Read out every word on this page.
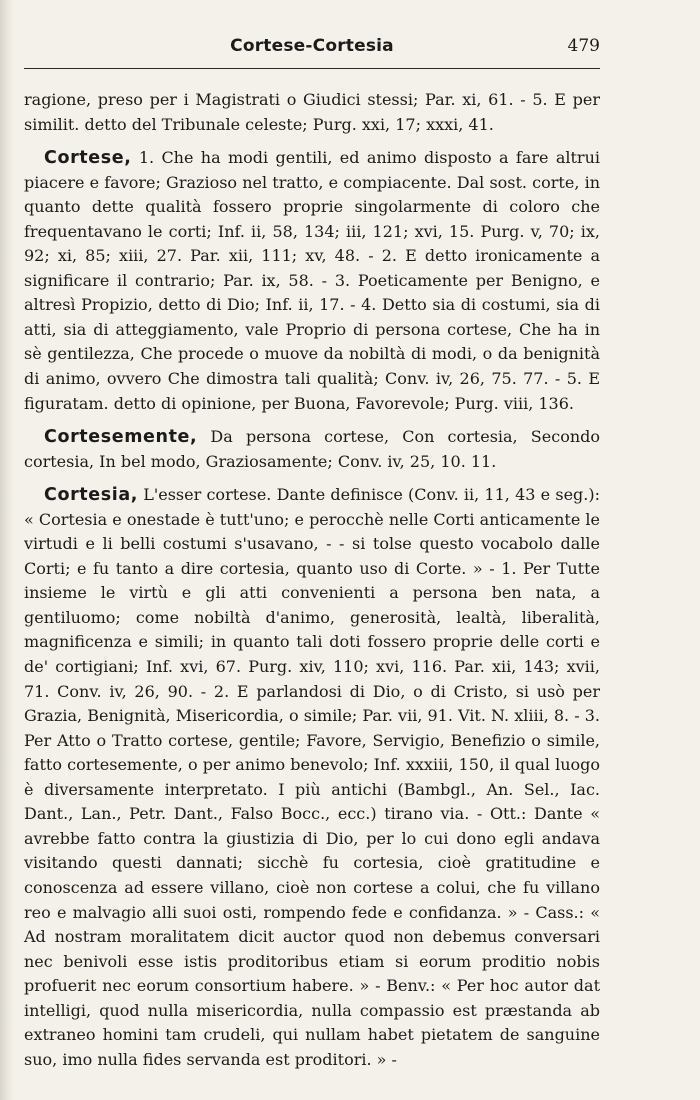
Cortese-Cortesia	479

ragione, preso per i Magistrati o Giudici stessi; Par. xi, 61. - 5. E per similit. detto del Tribunale celeste; Purg. xxi, 17; xxxi, 41.

Cortese, 1. Che ha modi gentili, ed animo disposto a fare altrui piacere e favore; Grazioso nel tratto, e compiacente. Dal sost. corte, in quanto dette qualità fossero proprie singolarmente di coloro che frequentavano le corti; Inf. ii, 58, 134; iii, 121; xvi, 15. Purg. v, 70; ix, 92; xi, 85; xiii, 27. Par. xii, 111; xv, 48. - 2. E detto ironicamente a significare il contrario; Par. ix, 58. - 3. Poeticamente per Benigno, e altresì Propizio, detto di Dio; Inf. ii, 17. - 4. Detto sia di costumi, sia di atti, sia di atteggiamento, vale Proprio di persona cortese, Che ha in sè gentilezza, Che procede o muove da nobiltà di modi, o da benignità di animo, ovvero Che dimostra tali qualità; Conv. iv, 26, 75. 77. - 5. E figuratam. detto di opinione, per Buona, Favorevole; Purg. viii, 136.

Cortesemente, Da persona cortese, Con cortesia, Secondo cortesia, In bel modo, Graziosamente; Conv. iv, 25, 10. 11.

Cortesia, L'esser cortese. Dante definisce (Conv. ii, 11, 43 e seg.): « Cortesia e onestade è tutt'uno; e perocchè nelle Corti anticamente le virtudi e li belli costumi s'usavano, - - si tolse questo vocabolo dalle Corti; e fu tanto a dire cortesia, quanto uso di Corte. » - 1. Per Tutte insieme le virtù e gli atti convenienti a persona ben nata, a gentiluomo; come nobiltà d'animo, generosità, lealtà, liberalità, magnificenza e simili; in quanto tali doti fossero proprie delle corti e de' cortigiani; Inf. xvi, 67. Purg. xiv, 110; xvi, 116. Par. xii, 143; xvii, 71. Conv. iv, 26, 90. - 2. E parlandosi di Dio, o di Cristo, si usò per Grazia, Benignità, Misericordia, o simile; Par. vii, 91. Vit. N. xliii, 8. - 3. Per Atto o Tratto cortese, gentile; Favore, Servigio, Benefizio o simile, fatto cortesemente, o per animo benevolo; Inf. xxxiii, 150, il qual luogo è diversamente interpretato. I più antichi (Bambgl., An. Sel., Iac. Dant., Lan., Petr. Dant., Falso Bocc., ecc.) tirano via. - Ott.: Dante « avrebbe fatto contra la giustizia di Dio, per lo cui dono egli andava visitando questi dannati; sicchè fu cortesia, cioè gratitudine e conoscenza ad essere villano, cioè non cortese a colui, che fu villano reo e malvagio alli suoi osti, rompendo fede e confidanza. » - Cass.: « Ad nostram moralitatem dicit auctor quod non debemus conversari nec benivoli esse istis proditoribus etiam si eorum proditio nobis profuerit nec eorum consortium habere. » - Benv.: « Per hoc autor dat intelligi, quod nulla misericordia, nulla compassio est præstanda ab extraneo homini tam crudeli, qui nullam habet pietatem de sanguine suo, imo nulla fides servanda est proditori. » -
